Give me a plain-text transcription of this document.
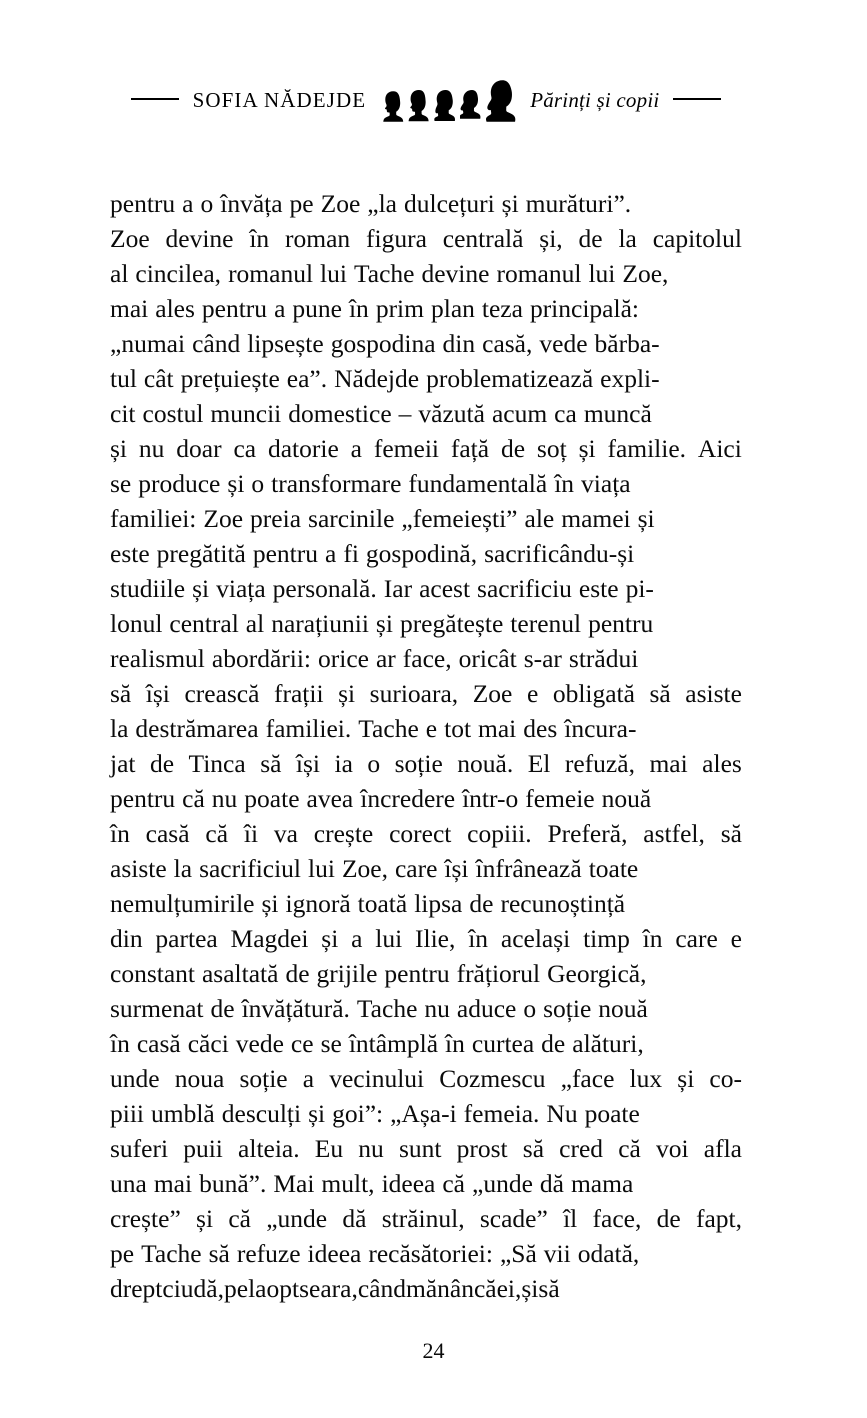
SOFIA NĂDEJDE	Părinți și copii
pentru a o învăța pe Zoe „la dulcețuri și murături”.
Zoe devine în roman figura centrală și, de la capitolul
al cincilea, romanul lui Tache devine romanul lui Zoe,
mai ales pentru a pune în prim plan teza principală:
„numai când lipsește gospodina din casă, vede bărba-
tul cât prețuiește ea”. Nădejde problematizează expli-
cit costul muncii domestice – văzută acum ca muncă
și nu doar ca datorie a femeii față de soț și familie. Aici
se produce și o transformare fundamentală în viața
familiei: Zoe preia sarcinile „femeiești” ale mamei și
este pregătită pentru a fi gospodină, sacrificându-și
studiile și viața personală. Iar acest sacrificiu este pi-
lonul central al narațiunii și pregătește terenul pentru
realismul abordării: orice ar face, oricât s-ar strădui
să își crească frații și surioara, Zoe e obligată să asiste
la destrămarea familiei. Tache e tot mai des încura-
jat de Tinca să își ia o soție nouă. El refuză, mai ales
pentru că nu poate avea încredere într-o femeie nouă
în casă că îi va crește corect copiii. Preferă, astfel, să
asiste la sacrificiul lui Zoe, care își înfrânează toate
nemulțumirile și ignoră toată lipsa de recunoștință
din partea Magdei și a lui Ilie, în același timp în care e
constant asaltată de grijile pentru frățiorul Georgică,
surmenat de învățătură. Tache nu aduce o soție nouă
în casă căci vede ce se întâmplă în curtea de alături,
unde noua soție a vecinului Cozmescu „face lux și co-
piii umblă desculți și goi”: „Așa-i femeia. Nu poate
suferi puii alteia. Eu nu sunt prost să cred că voi afla
una mai bună”. Mai mult, ideea că „unde dă mama
crește” și că „unde dă străinul, scade” îl face, de fapt,
pe Tache să refuze ideea recăsătoriei: „Să vii odată,
drept ciudă, pe la opt seara, când mănâncă ei, și să
24
